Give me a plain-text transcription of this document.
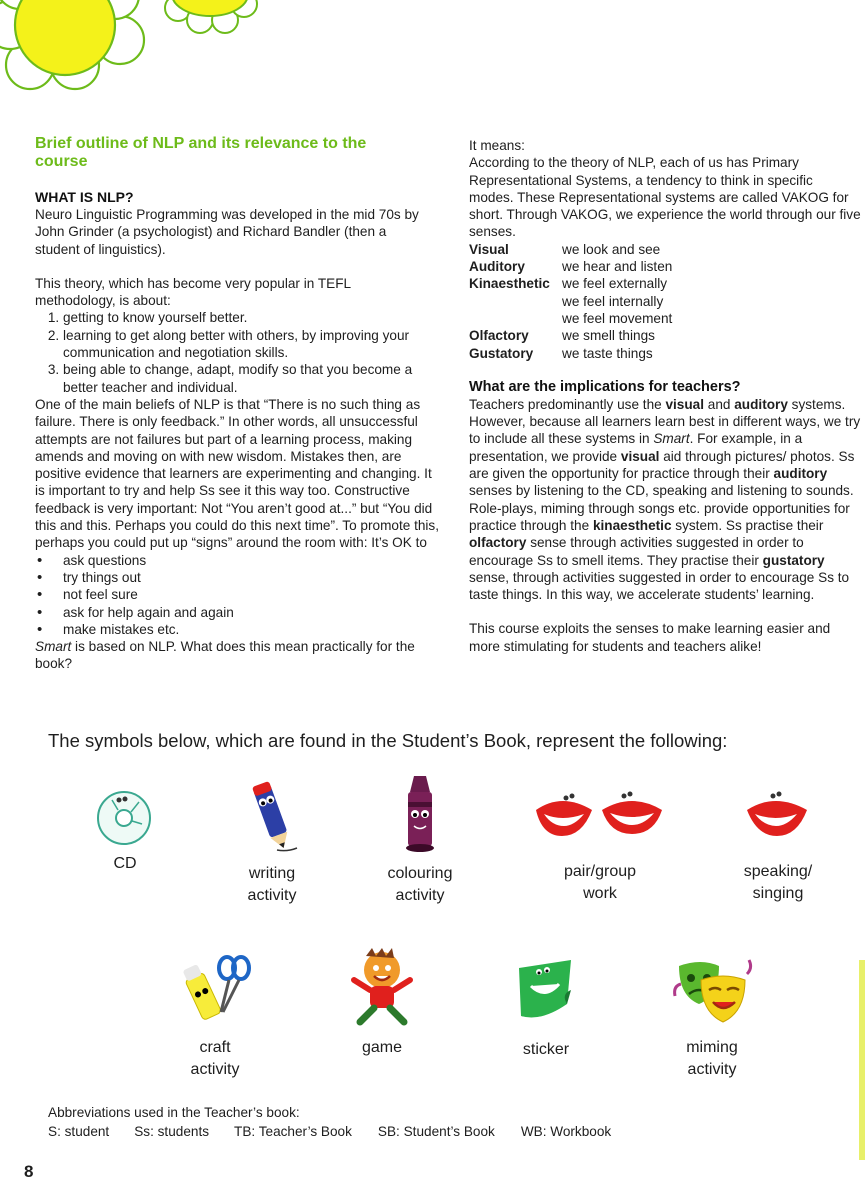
Brief outline of NLP and its relevance to the course
WHAT IS NLP?

Neuro Linguistic Programming was developed in the mid 70s by John Grinder (a psychologist) and Richard Bandler (then a student of linguistics).

This theory, which has become very popular in TEFL methodology, is about:

1. getting to know yourself better.
2. learning to get along better with others, by improving your communication and negotiation skills.
3. being able to change, adapt, modify so that you become a better teacher and individual.

One of the main beliefs of NLP is that “There is no such thing as failure. There is only feedback.” In other words, all unsuccessful attempts are not failures but part of a learning process, making amends and moving on with new wisdom. Mistakes then, are positive evidence that learners are experimenting and changing. It is important to try and help Ss see it this way too. Constructive feedback is very important: Not “You aren’t good at...” but “You did this and this. Perhaps you could do this next time”. To promote this, perhaps you could put up “signs” around the room with: It’s OK to

• ask questions
• try things out
• not feel sure
• ask for help again and again
• make mistakes etc.

Smart is based on NLP. What does this mean practically for the book?

It means:

According to the theory of NLP, each of us has Primary Representational Systems, a tendency to think in specific modes. These Representational systems are called VAKOG for short. Through VAKOG, we experience the world through our five senses.

Visual	we look and see
Auditory	we hear and listen
Kinaesthetic we feel externally
we feel internally
we feel movement
Olfactory	we smell things
Gustatory	we taste things
What are the implications for teachers?

Teachers predominantly use the visual and auditory systems. However, because all learners learn best in different ways, we try to include all these systems in Smart. For example, in a presentation, we provide visual aid through pictures/ photos. Ss are given the opportunity for practice through their auditory senses by listening to the CD, speaking and listening to sounds. Role-plays, miming through songs etc. provide opportunities for practice through the kinaesthetic system. Ss practise their olfactory sense through activities suggested in order to encourage Ss to smell items. They practise their gustatory sense, through activities suggested in order to encourage Ss to taste things. In this way, we accelerate students’ learning.

This course exploits the senses to make learning easier and more stimulating for students and teachers alike!

The symbols below, which are found in the Student’s Book, represent the following:
CD
writing
activity
colouring
activity
pair/group
work
speaking/
singing
craft
activity
game	sticker	miming
activity
Abbreviations used in the Teacher’s book:
S: student Ss: students TB: Teacher’s Book SB: Student’s Book WB: Workbook
8
